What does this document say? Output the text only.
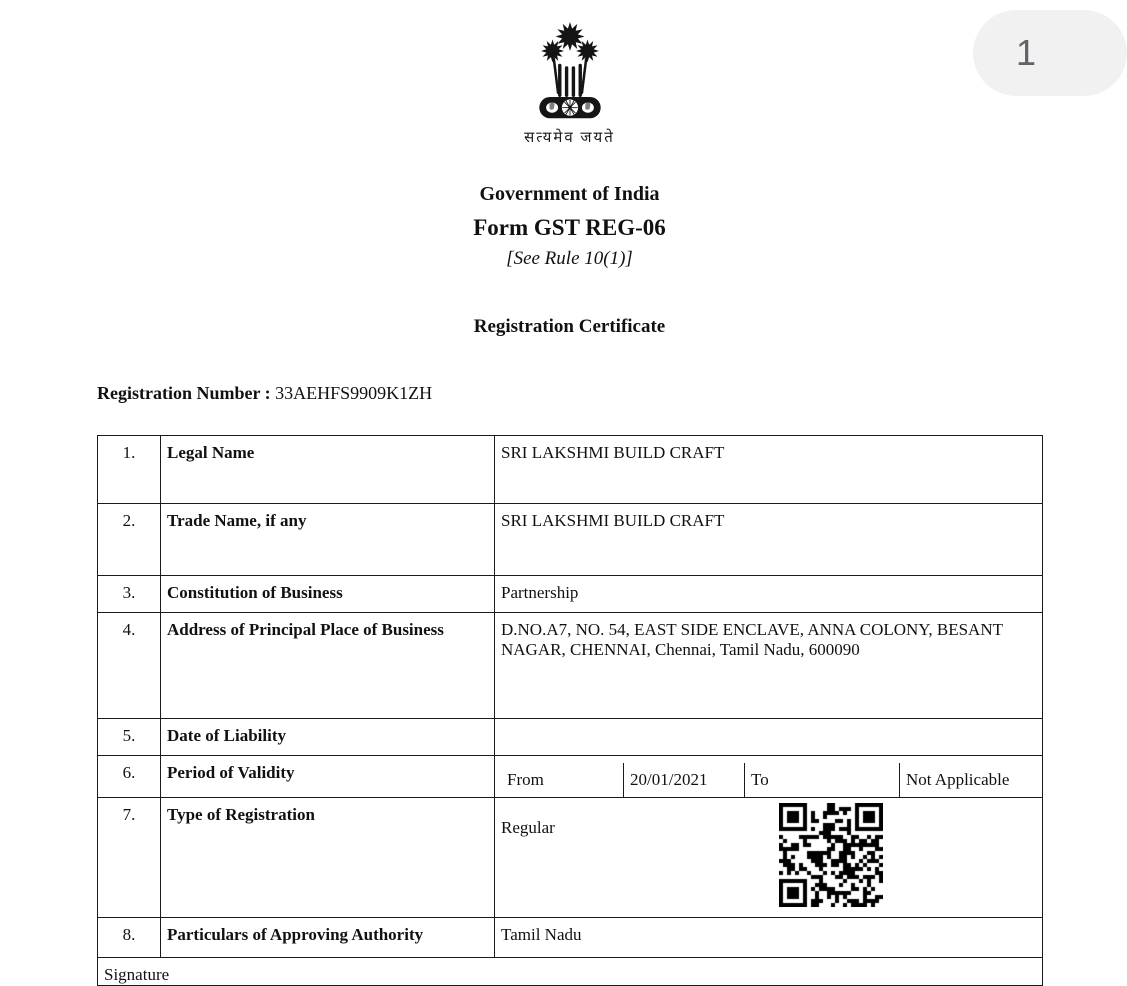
1
सत्यमेव जयते
Government of India
Form GST REG-06
[See Rule 10(1)]
Registration Certificate
Registration Number : 33AEHFS9909K1ZH
1.	Legal Name	SRI LAKSHMI BUILD CRAFT
2.	Trade Name, if any	SRI LAKSHMI BUILD CRAFT
3.	Constitution of Business	Partnership
4.	Address of Principal Place of Business	D.NO.A7, NO. 54, EAST SIDE ENCLAVE, ANNA COLONY, BESANT NAGAR, CHENNAI, Chennai, Tamil Nadu, 600090
5.	Date of Liability	
6.	Period of Validity	From 20/01/2021 To Not Applicable

7.	Type of Registration	Regular

8.	Particulars of Approving Authority	Tamil Nadu
Signature		
